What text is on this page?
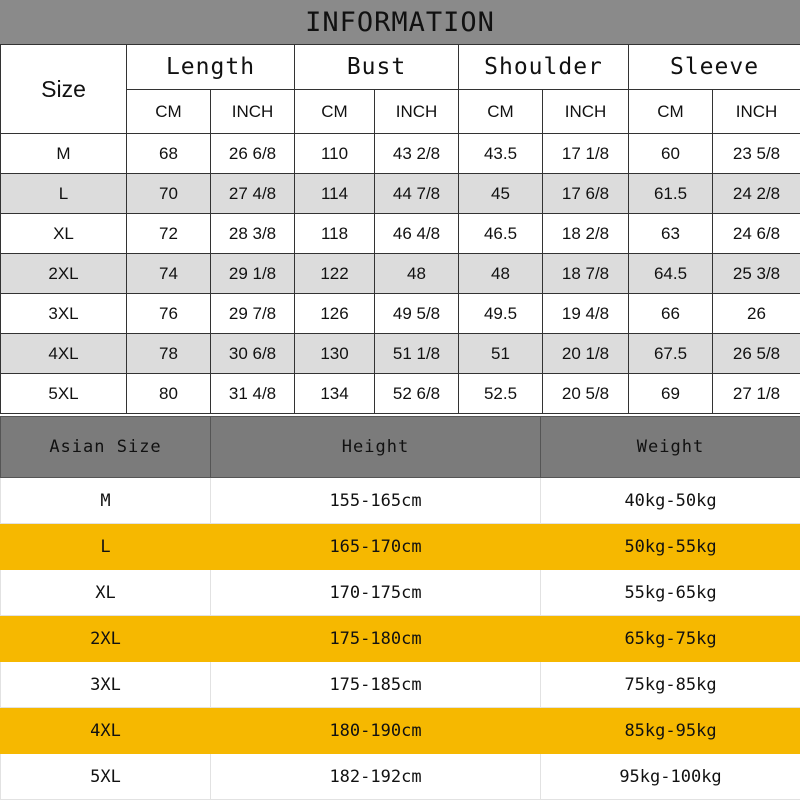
INFORMATION
Size	Length		Bust		Shoulder		Sleeve	
	CM	INCH	CM	INCH	CM	INCH	CM	INCH
M	68	26 6/8	110	43 2/8	43.5	17 1/8	60	23 5/8
L	70	27 4/8	114	44 7/8	45	17 6/8	61.5	24 2/8
XL	72	28 3/8	118	46 4/8	46.5	18 2/8	63	24 6/8
2XL	74	29 1/8	122	48	48	18 7/8	64.5	25 3/8
3XL	76	29 7/8	126	49 5/8	49.5	19 4/8	66	26
4XL	78	30 6/8	130	51 1/8	51	20 1/8	67.5	26 5/8
5XL	80	31 4/8	134	52 6/8	52.5	20 5/8	69	27 1/8
Asian Size	Height	Weight
M	155-165cm	40kg-50kg
L	165-170cm	50kg-55kg
XL	170-175cm	55kg-65kg
2XL	175-180cm	65kg-75kg
3XL	175-185cm	75kg-85kg
4XL	180-190cm	85kg-95kg
5XL	182-192cm	95kg-100kg
